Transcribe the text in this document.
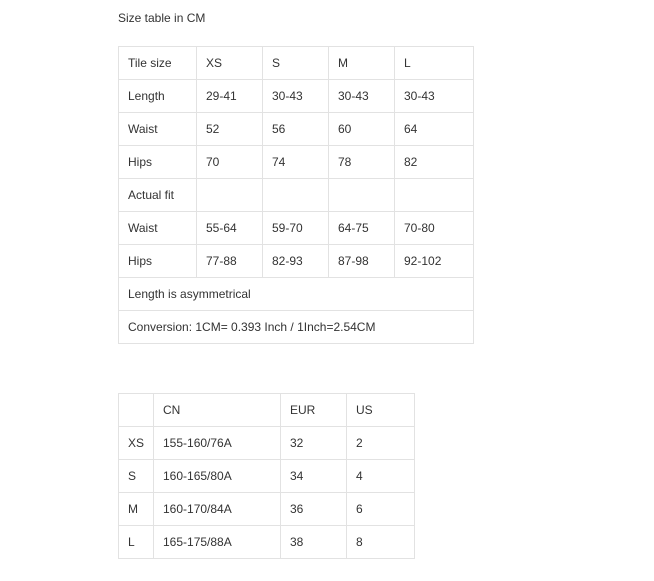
Size table in CM
Tile size	XS	S	M	L
Length	29-41	30-43	30-43	30-43
Waist	52	56	60	64
Hips	70	74	78	82
Actual fit				
Waist	55-64	59-70	64-75	70-80
Hips	77-88	82-93	87-98	92-102
Length is asymmetrical				
Conversion: 1CM= 0.393 Inch / 1Inch=2.54CM				
	CN	EUR	US
XS	155-160/76A	32	2
S	160-165/80A	34	4
M	160-170/84A	36	6
L	165-175/88A	38	8
